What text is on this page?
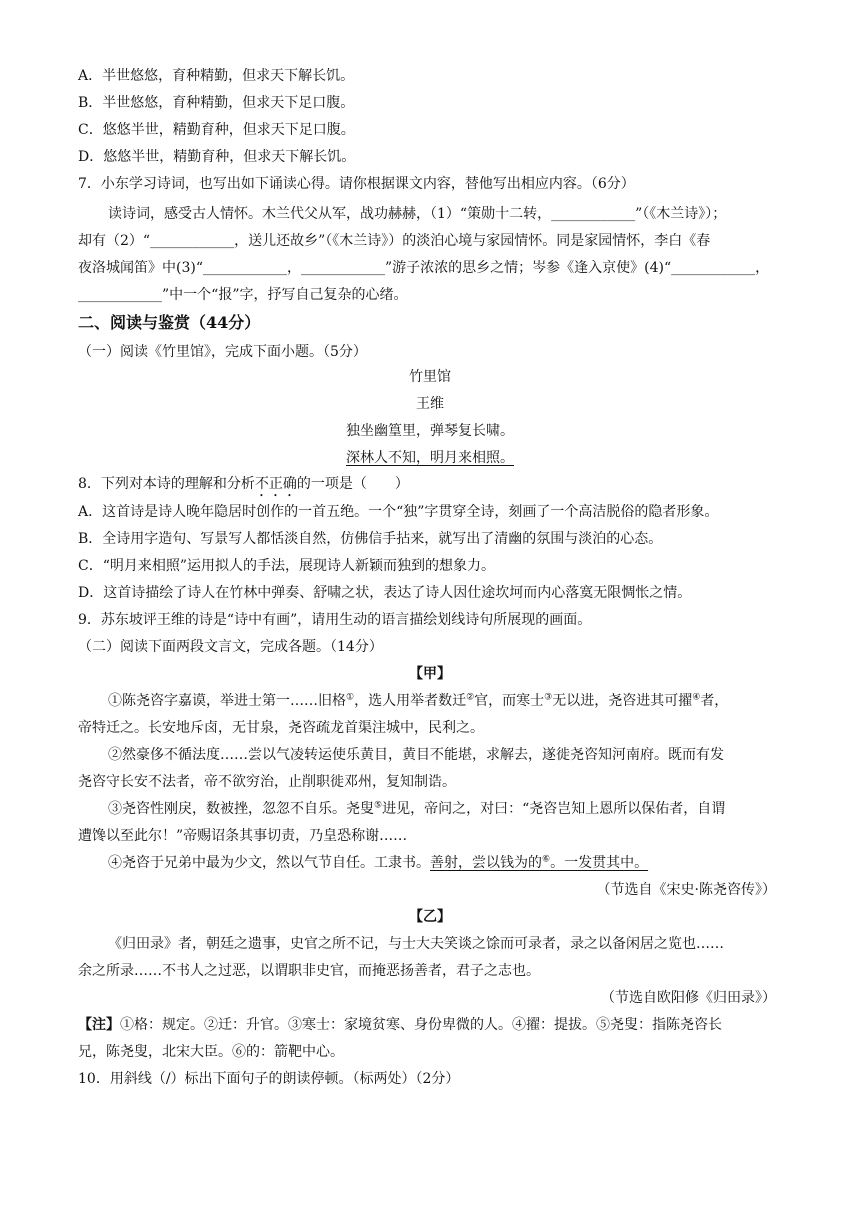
A．半世悠悠，育种精勤，但求天下解长饥。
B．半世悠悠，育种精勤，但求天下足口腹。
C．悠悠半世，精勤育种，但求天下足口腹。
D．悠悠半世，精勤育种，但求天下解长饥。
7．小东学习诗词，也写出如下诵读心得。请你根据课文内容，替他写出相应内容。（6分）
读诗词，感受古人情怀。木兰代父从军，战功赫赫，（1）“策勋十二转，____________”（《木兰诗》）；
却有（2）“____________，送儿还故乡”（《木兰诗》）的淡泊心境与家园情怀。同是家园情怀，李白《春
夜洛城闻笛》中(3)“____________，____________”游子浓浓的思乡之情；岑参《逢入京使》(4)“____________，
____________”中一个“报”字，抒写自己复杂的心绪。
二、阅读与鉴赏（44分）
（一）阅读《竹里馆》，完成下面小题。（5分）
竹里馆
王维
独坐幽篁里，弹琴复长啸。
深林人不知，明月来相照。
8．下列对本诗的理解和分析不正确的一项是（　　）
A．这首诗是诗人晚年隐居时创作的一首五绝。一个“独”字贯穿全诗，刻画了一个高洁脱俗的隐者形象。
B．全诗用字造句、写景写人都恬淡自然，仿佛信手拈来，就写出了清幽的氛围与淡泊的心态。
C．“明月来相照”运用拟人的手法，展现诗人新颖而独到的想象力。
D．这首诗描绘了诗人在竹林中弹奏、舒啸之状，表达了诗人因仕途坎坷而内心落寞无限惆怅之情。
9．苏东坡评王维的诗是“诗中有画”，请用生动的语言描绘划线诗句所展现的画面。
（二）阅读下面两段文言文，完成各题。（14分）
【甲】
①陈尧咨字嘉谟，举进士第一……旧格①，选人用举者数迁②官，而寒士③无以进，尧咨进其可擢④者，
帝特迁之。长安地斥卤，无甘泉，尧咨疏龙首渠注城中，民利之。
②然豪侈不循法度……尝以气凌转运使乐黄目，黄目不能堪，求解去，遂徙尧咨知河南府。既而有发
尧咨守长安不法者，帝不欲穷治，止削职徙邓州，复知制诰。
③尧咨性刚戾，数被挫，忽忽不自乐。尧叟⑤进见，帝问之，对曰：“尧咨岂知上恩所以保佑者，自谓
遭馋以至此尔！”帝赐诏条其事切责，乃皇恐称谢……
④尧咨于兄弟中最为少文，然以气节自任。工隶书。善射，尝以钱为的⑥。一发贯其中。
（节选自《宋史·陈尧咨传》）
【乙】
《归田录》者，朝廷之遗事，史官之所不记，与士大夫笑谈之馀而可录者，录之以备闲居之览也……
余之所录……不书人之过恶，以谓职非史官，而掩恶扬善者，君子之志也。
（节选自欧阳修《归田录》）
【注】①格：规定。②迁：升官。③寒士：家境贫寒、身份卑微的人。④擢：提拔。⑤尧叟：指陈尧咨长
兄，陈尧叟，北宋大臣。⑥的：箭靶中心。
10．用斜线（/）标出下面句子的朗读停顿。（标两处）（2分）
